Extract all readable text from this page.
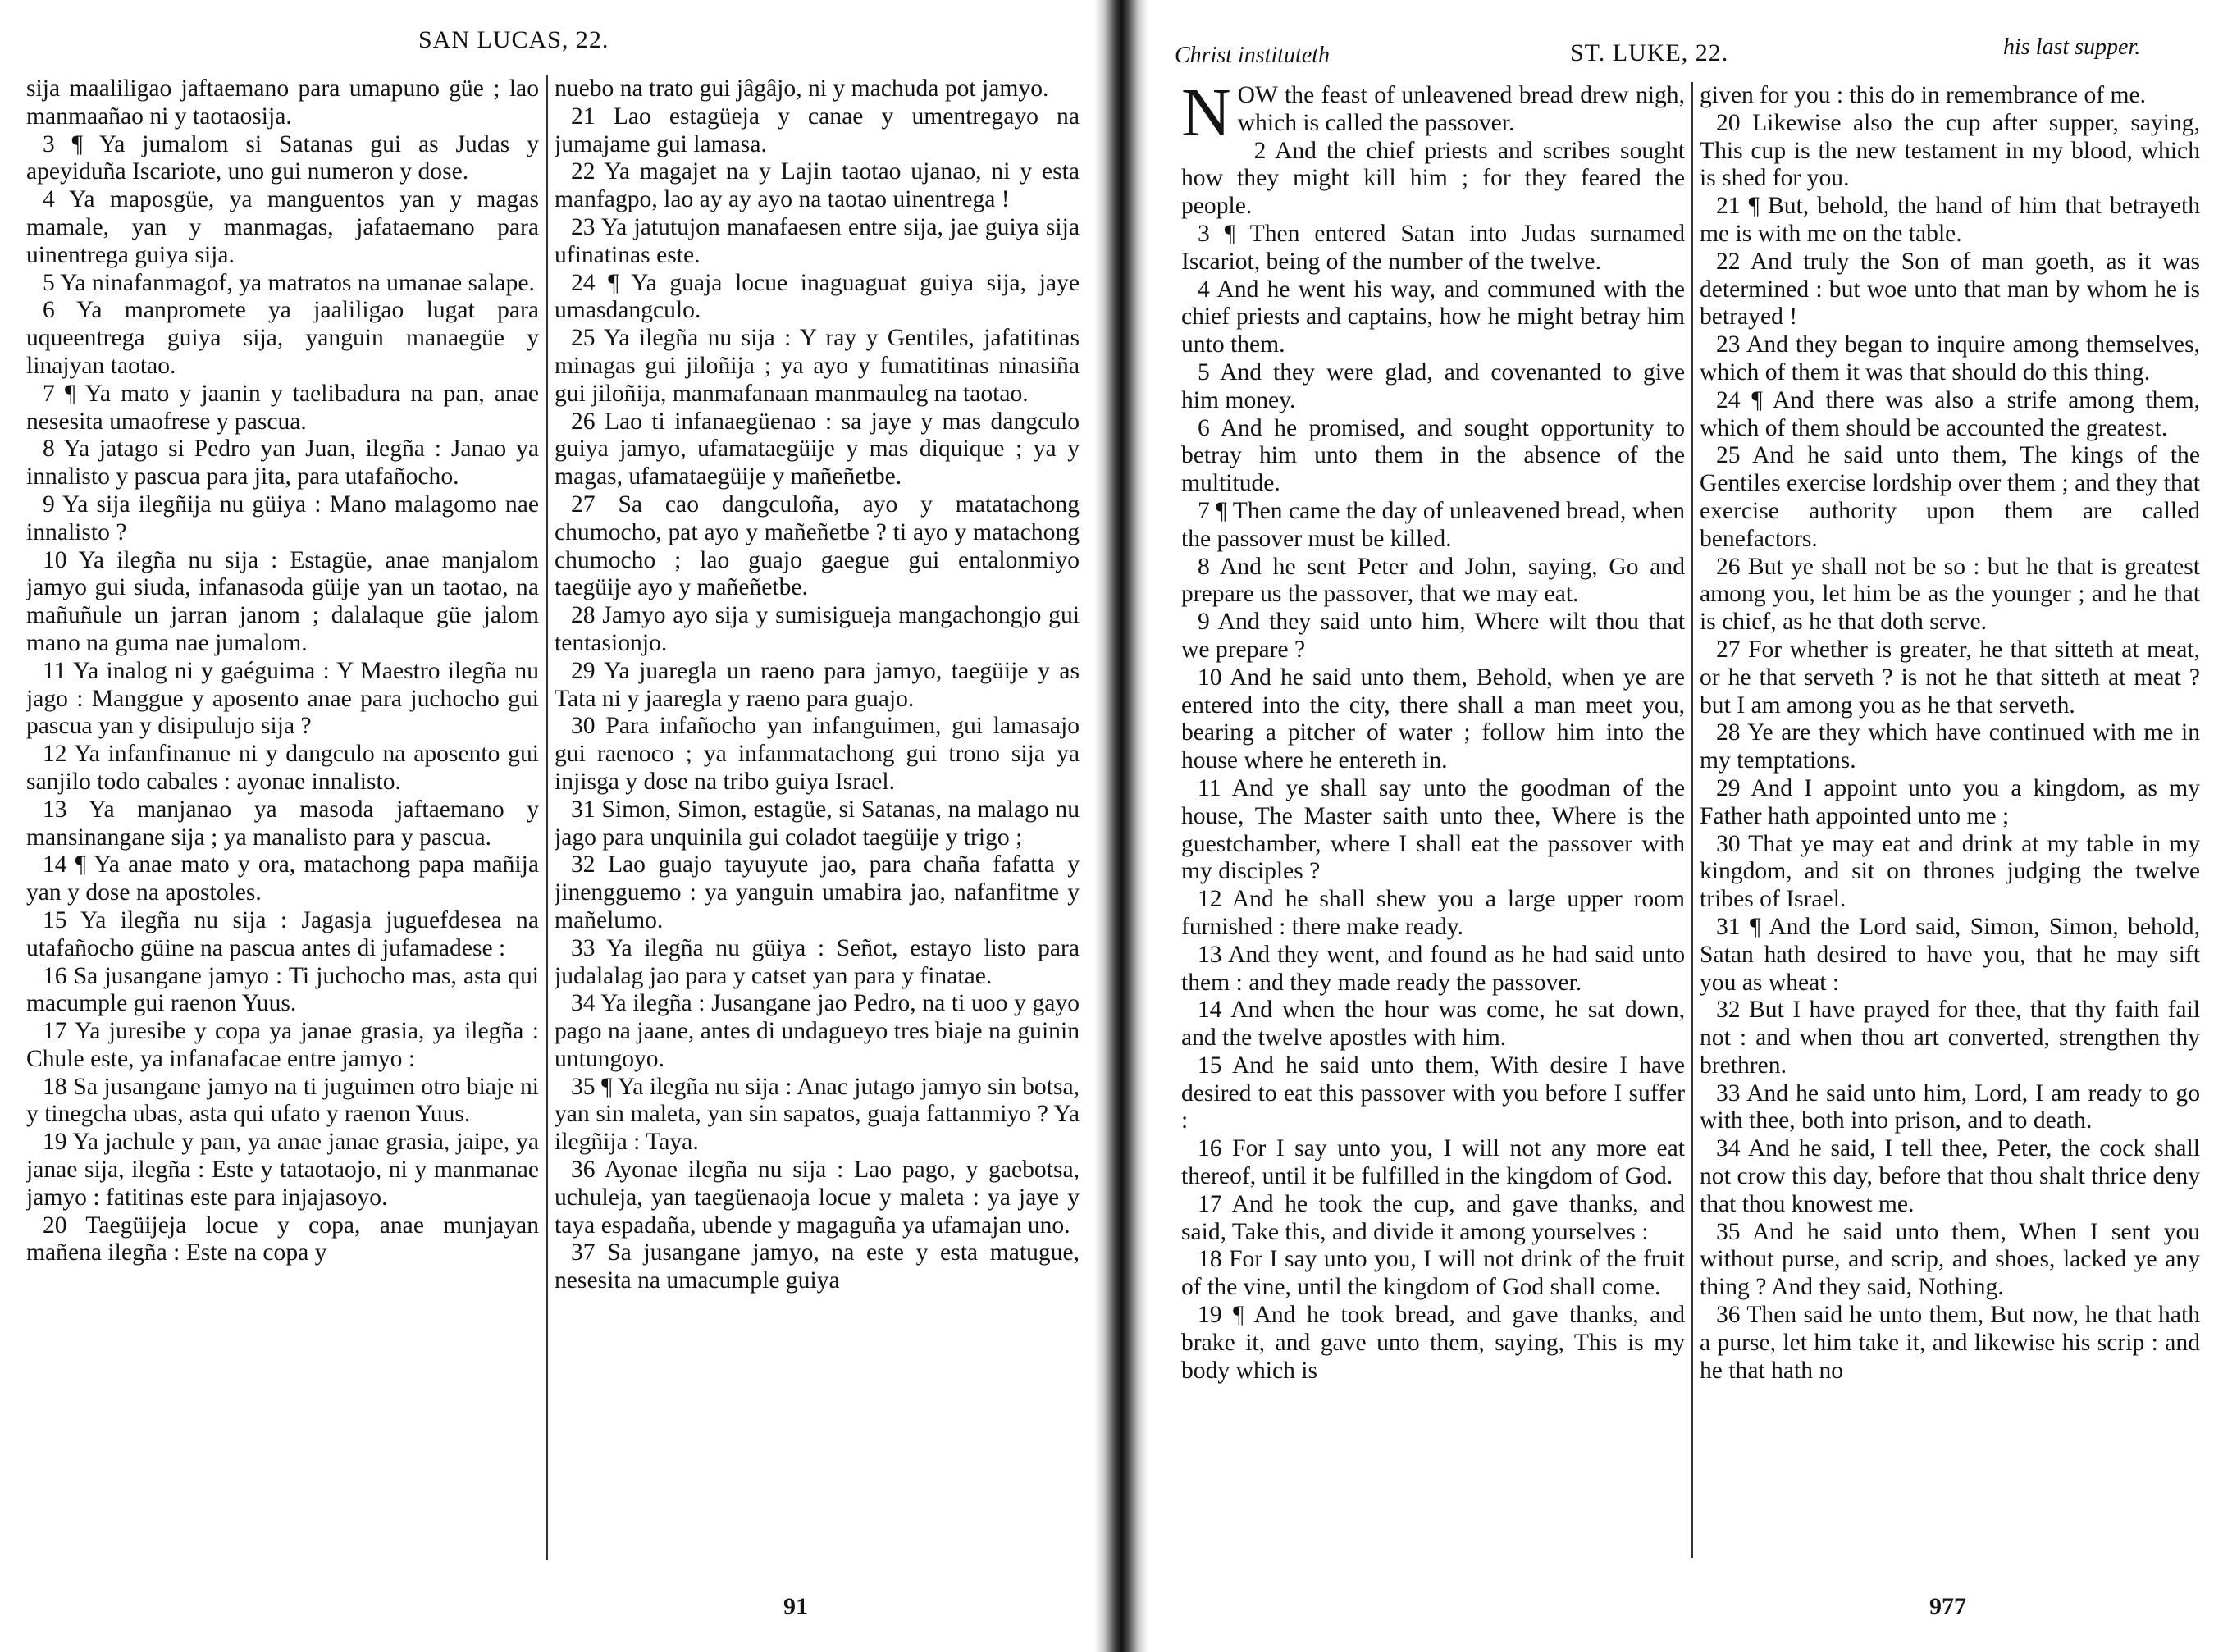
SAN LUCAS, 22.

sija maaliligao jaftaemano para umapuno güe ; lao manmaañao ni y taotaosija.

3 ¶ Ya jumalom si Satanas gui as Judas y apeyiduña Iscariote, uno gui numeron y dose.

4 Ya maposgüe, ya manguentos yan y magas mamale, yan y manmagas, jafataemano para uinentrega guiya sija.

5 Ya ninafanmagof, ya matratos na umanae salape.

6 Ya manpromete ya jaaliligao lugat para uqueentrega guiya sija, yanguin manaegüe y linajyan taotao.

7 ¶ Ya mato y jaanin y taelibadura na pan, anae nesesita umaofrese y pascua.

8 Ya jatago si Pedro yan Juan, ilegña : Janao ya innalisto y pascua para jita, para utafañocho.

9 Ya sija ilegñija nu güiya : Mano malagomo nae innalisto ?

10 Ya ilegña nu sija : Estagüe, anae manjalom jamyo gui siuda, infanasoda güije yan un taotao, na mañuñule un jarran janom ; dalalaque güe jalom mano na guma nae jumalom.

11 Ya inalog ni y gaéguima : Y Maestro ilegña nu jago : Manggue y aposento anae para juchocho gui pascua yan y disipulujo sija ?

12 Ya infanfinanue ni y dangculo na aposento gui sanjilo todo cabales : ayonae innalisto.

13 Ya manjanao ya masoda jaftaemano y mansinangane sija ; ya manalisto para y pascua.

14 ¶ Ya anae mato y ora, matachong papa mañija yan y dose na apostoles.

15 Ya ilegña nu sija : Jagasja juguefdesea na utafañocho güine na pascua antes di jufamadese :

16 Sa jusangane jamyo : Ti juchocho mas, asta qui macumple gui raenon Yuus.

17 Ya juresibe y copa ya janae grasia, ya ilegña : Chule este, ya infanafacae entre jamyo :

18 Sa jusangane jamyo na ti juguimen otro biaje ni y tinegcha ubas, asta qui ufato y raenon Yuus.

19 Ya jachule y pan, ya anae janae grasia, jaipe, ya janae sija, ilegña : Este y tataotaojo, ni y manmanae jamyo : fatitinas este para injajasoyo.

20 Taegüijeja locue y copa, anae munjayan mañena ilegña : Este na copa y

nuebo na trato gui jâgâjo, ni y machuda pot jamyo.

21 Lao estagüeja y canae y umentregayo na jumajame gui lamasa.

22 Ya magajet na y Lajin taotao ujanao, ni y esta manfagpo, lao ay ay ayo na taotao uinentrega !

23 Ya jatutujon manafaesen entre sija, jae guiya sija ufinatinas este.

24 ¶ Ya guaja locue inaguaguat guiya sija, jaye umasdangculo.

25 Ya ilegña nu sija : Y ray y Gentiles, jafatitinas minagas gui jiloñija ; ya ayo y fumatitinas ninasiña gui jiloñija, manmafanaan manmauleg na taotao.

26 Lao ti infanaegüenao : sa jaye y mas dangculo guiya jamyo, ufamataegüije y mas diquique ; ya y magas, ufamataegüije y mañeñetbe.

27 Sa cao dangculoña, ayo y matatachong chumocho, pat ayo y mañeñetbe ? ti ayo y matachong chumocho ; lao guajo gaegue gui entalonmiyo taegüije ayo y mañeñetbe.

28 Jamyo ayo sija y sumisigueja mangachongjo gui tentasionjo.

29 Ya juaregla un raeno para jamyo, taegüije y as Tata ni y jaaregla y raeno para guajo.

30 Para infañocho yan infanguimen, gui lamasajo gui raenoco ; ya infanmatachong gui trono sija ya injisga y dose na tribo guiya Israel.

31 Simon, Simon, estagüe, si Satanas, na malago nu jago para unquinila gui coladot taegüije y trigo ;

32 Lao guajo tayuyute jao, para chaña fafatta y jinengguemo : ya yanguin umabira jao, nafanfitme y mañelumo.

33 Ya ilegña nu güiya : Señot, estayo listo para judalalag jao para y catset yan para y finatae.

34 Ya ilegña : Jusangane jao Pedro, na ti uoo y gayo pago na jaane, antes di undagueyo tres biaje na guinin untungoyo.

35 ¶ Ya ilegña nu sija : Anac jutago jamyo sin botsa, yan sin maleta, yan sin sapatos, guaja fattanmiyo ? Ya ilegñija : Taya.

36 Ayonae ilegña nu sija : Lao pago, y gaebotsa, uchuleja, yan taegüenaoja locue y maleta : ya jaye y taya espadaña, ubende y magaguña ya ufamajan uno.

37 Sa jusangane jamyo, na este y esta matugue, nesesita na umacumple guiya

91
Christ instituteth	ST. LUKE, 22.	his last supper.

NOW the feast of unleavened bread drew nigh, which is called the passover.

2 And the chief priests and scribes sought how they might kill him ; for they feared the people.

3 ¶ Then entered Satan into Judas surnamed Iscariot, being of the number of the twelve.

4 And he went his way, and communed with the chief priests and captains, how he might betray him unto them.

5 And they were glad, and covenanted to give him money.

6 And he promised, and sought opportunity to betray him unto them in the absence of the multitude.

7 ¶ Then came the day of unleavened bread, when the passover must be killed.

8 And he sent Peter and John, saying, Go and prepare us the passover, that we may eat.

9 And they said unto him, Where wilt thou that we prepare ?

10 And he said unto them, Behold, when ye are entered into the city, there shall a man meet you, bearing a pitcher of water ; follow him into the house where he entereth in.

11 And ye shall say unto the goodman of the house, The Master saith unto thee, Where is the guestchamber, where I shall eat the passover with my disciples ?

12 And he shall shew you a large upper room furnished : there make ready.

13 And they went, and found as he had said unto them : and they made ready the passover.

14 And when the hour was come, he sat down, and the twelve apostles with him.

15 And he said unto them, With desire I have desired to eat this passover with you before I suffer :

16 For I say unto you, I will not any more eat thereof, until it be fulfilled in the kingdom of God.

17 And he took the cup, and gave thanks, and said, Take this, and divide it among yourselves :

18 For I say unto you, I will not drink of the fruit of the vine, until the kingdom of God shall come.

19 ¶ And he took bread, and gave thanks, and brake it, and gave unto them, saying, This is my body which is

given for you : this do in remembrance of me.

20 Likewise also the cup after supper, saying, This cup is the new testament in my blood, which is shed for you.

21 ¶ But, behold, the hand of him that betrayeth me is with me on the table.

22 And truly the Son of man goeth, as it was determined : but woe unto that man by whom he is betrayed !

23 And they began to inquire among themselves, which of them it was that should do this thing.

24 ¶ And there was also a strife among them, which of them should be accounted the greatest.

25 And he said unto them, The kings of the Gentiles exercise lordship over them ; and they that exercise authority upon them are called benefactors.

26 But ye shall not be so : but he that is greatest among you, let him be as the younger ; and he that is chief, as he that doth serve.

27 For whether is greater, he that sitteth at meat, or he that serveth ? is not he that sitteth at meat ? but I am among you as he that serveth.

28 Ye are they which have continued with me in my temptations.

29 And I appoint unto you a kingdom, as my Father hath appointed unto me ;

30 That ye may eat and drink at my table in my kingdom, and sit on thrones judging the twelve tribes of Israel.

31 ¶ And the Lord said, Simon, Simon, behold, Satan hath desired to have you, that he may sift you as wheat :

32 But I have prayed for thee, that thy faith fail not : and when thou art converted, strengthen thy brethren.

33 And he said unto him, Lord, I am ready to go with thee, both into prison, and to death.

34 And he said, I tell thee, Peter, the cock shall not crow this day, before that thou shalt thrice deny that thou knowest me.

35 And he said unto them, When I sent you without purse, and scrip, and shoes, lacked ye any thing ? And they said, Nothing.

36 Then said he unto them, But now, he that hath a purse, let him take it, and likewise his scrip : and he that hath no

977
